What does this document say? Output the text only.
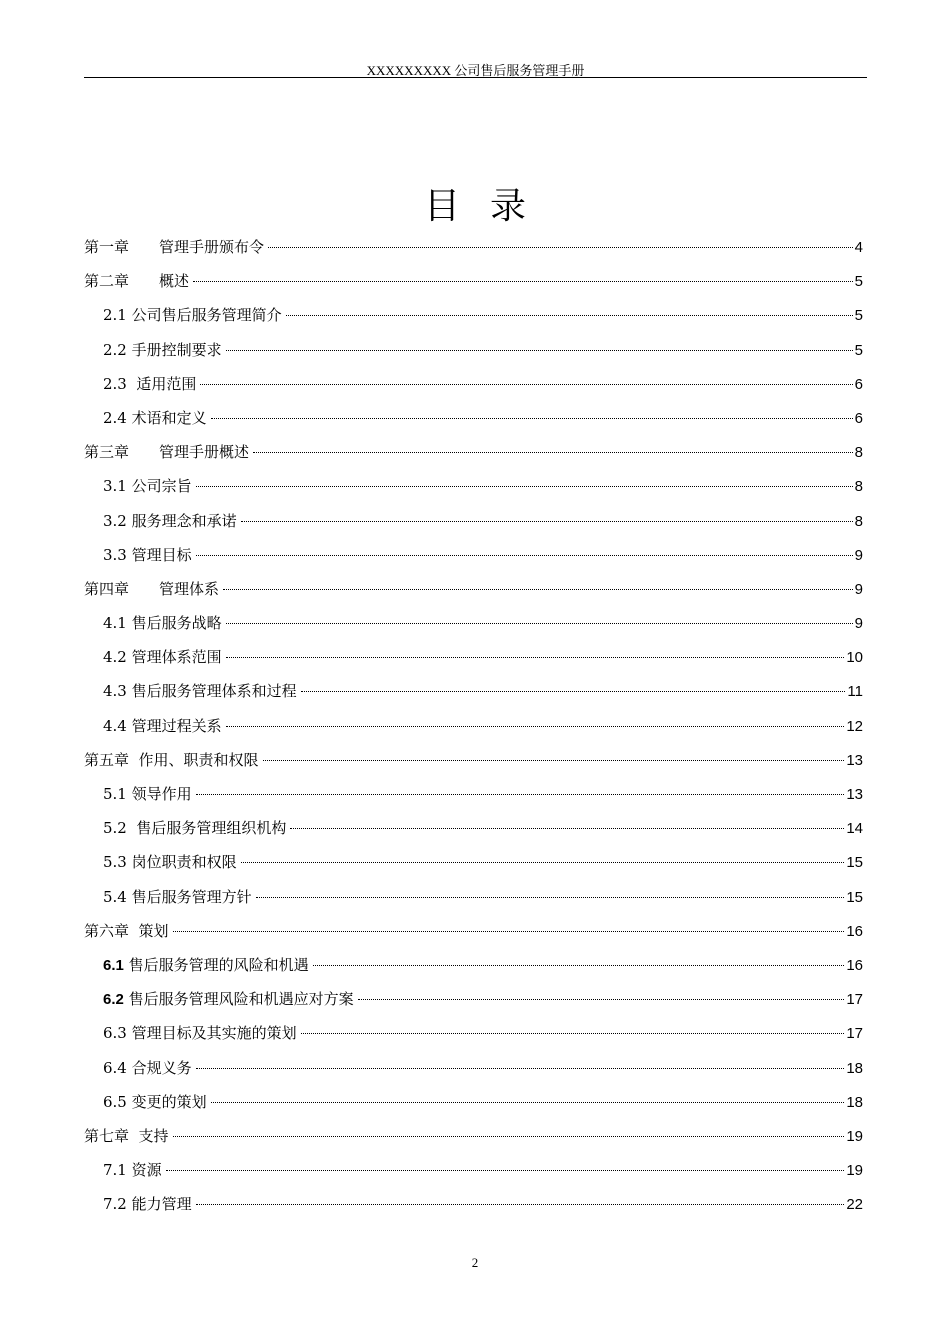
XXXXXXXXX 公司售后服务管理手册
目录
第一章  管理手册颁布令	4
第二章  概述	5
2.1 公司售后服务管理简介	5
2.2 手册控制要求	5
2.3  适用范围	6
2.4 术语和定义	6
第三章  管理手册概述	8
3.1 公司宗旨	8
3.2 服务理念和承诺	8
3.3 管理目标	9
第四章  管理体系	9
4.1 售后服务战略	9
4.2 管理体系范围	10
4.3 售后服务管理体系和过程	11
4.4 管理过程关系	12
第五章  作用、职责和权限	13
5.1 领导作用	13
5.2  售后服务管理组织机构	14
5.3 岗位职责和权限	15
5.4 售后服务管理方针	15
第六章  策划	16
6.1 售后服务管理的风险和机遇	16
6.2 售后服务管理风险和机遇应对方案	17
6.3 管理目标及其实施的策划	17
6.4 合规义务	18
6.5 变更的策划	18
第七章  支持	19
7.1 资源	19
7.2 能力管理	22
2
